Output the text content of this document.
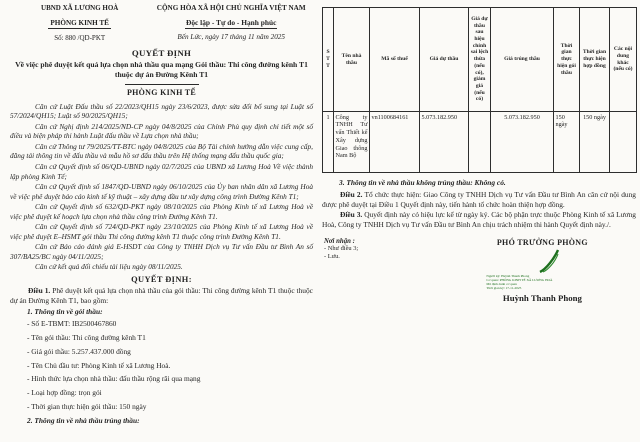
UBND XÃ LƯƠNG HOÀ
PHÒNG KINH TẾ
Số: 880 /QD-PKT
CỘNG HÒA XÃ HỘI CHỦ NGHĨA VIỆT NAM
Độc lập - Tự do - Hạnh phúc
Bến Lức, ngày 17 tháng 11 năm 2025
QUYẾT ĐỊNH
Về việc phê duyệt kết quả lựa chọn nhà thầu qua mạng Gói thầu: Thi công đường kênh T1 thuộc dự án Đường Kênh T1
PHÒNG KINH TẾ

Căn cứ Luật Đấu thầu số 22/2023/QH15 ngày 23/6/2023, được sửa đổi bổ sung tại Luật số 57/2024/QH15; Luật số 90/2025/QH15;

Căn cứ Nghị định 214/2025/ND-CP ngày 04/8/2025 của Chính Phủ quy định chi tiết một số điều và biện pháp thi hành Luật đấu thầu về Lựa chọn nhà thầu;

Căn cứ Thông tư 79/2025/TT-BTC ngày 04/8/2025 của Bộ Tài chính hướng dẫn việc cung cấp, đăng tải thông tin về đấu thầu và mẫu hồ sơ đấu thầu trên Hệ thống mạng đấu thầu quốc gia;

Căn cứ Quyết định số 06/QD-UBND ngày 02/7/2025 của UBND xã Lương Hoà Về việc thành lập phòng Kinh Tế;

Căn cứ Quyết định số 1847/QD-UBND ngày 06/10/2025 của Ủy ban nhân dân xã Lương Hoà về việc phê duyệt báo cáo kinh tế kỹ thuật – xây dựng đầu tư xây dựng công trình Đường Kênh T1;

Căn cứ Quyết định số 632/QD-PKT ngày 08/10/2025 của Phòng Kinh tế xã Lương Hoà về việc phê duyệt kế hoạch lựa chọn nhà thầu công trình Đường Kênh T1.

Căn cứ Quyết định số 724/QD-PKT ngày 23/10/2025 của Phòng Kinh tế xã Lương Hoà về việc phê duyệt E–HSMT gói thầu Thi công đường kênh T1 thuộc công trình Đường Kênh T1.

Căn cứ Báo cáo đánh giá E-HSDT của Công ty TNHH Dịch vụ Tư vấn Đầu tư Bình An số 307/BA25/BC ngày 04/11/2025;

Căn cứ kết quả đối chiếu tài liệu ngày 08/11/2025.

QUYẾT ĐỊNH:

Điều 1. Phê duyệt kết quả lựa chọn nhà thầu của gói thầu: Thi công đường kênh T1 thuộc thuộc dự án Đường Kênh T1, bao gồm:

1. Thông tin về gói thầu:

- Số E-TBMT: IB2500467860

- Tên gói thầu: Thi công đường kênh T1

- Giá gói thầu: 5.257.437.000 đồng

- Tên Chủ đầu tư: Phòng Kinh tế xã Lương Hoà.

- Hình thức lựa chọn nhà thầu: đấu thầu rộng rãi qua mạng

- Loại hợp đồng: trọn gói

- Thời gian thực hiện gói thầu: 150 ngày

2. Thông tin về nhà thầu trúng thầu:

S
T
T	Tên nhà thầu	Mã số thuế	Giá dự thầu	Giá dự thầu sau hiệu chỉnh sai lệch thừa (nếu có), giảm giá (nếu có)	Giá trúng thầu	Thời gian thực hiện gói thầu	Thời gian thực hiện hợp đồng	Các nội dung khác (nếu có)
1	Công ty TNHH Tư vấn Thiết kế Xây dựng Giao thông Nam Bộ	vn1100684161	5.073.182.950		5.073.182.950	150 ngày	150 ngày	

3. Thông tin về nhà thầu không trúng thầu: Không có.

Điều 2. Tổ chức thực hiện: Giao Công ty TNHH Dịch vụ Tư vấn Đầu tư Bình An căn cứ nội dung được phê duyệt tại Điều 1 Quyết định này, tiến hành tổ chức hoàn thiện hợp đồng.

Điều 3. Quyết định này có hiệu lực kể từ ngày ký. Các bộ phận trực thuộc Phòng Kinh tế xã Lương Hoà, Công ty TNHH Dịch vụ Tư vấn Đầu tư Bình An chịu trách nhiệm thi hành Quyết định này./.

Nơi nhận :
- Như điều 3;
- Lưu.
PHÓ TRƯỞNG PHÒNG
Người ký: Huỳnh Thanh Phong
Cơ quan: PHÒNG KINH TẾ XÃ LƯƠNG HOÀ
Mã định danh cơ quan
Thời gian ký: 17-11-2025
Huỳnh Thanh Phong
